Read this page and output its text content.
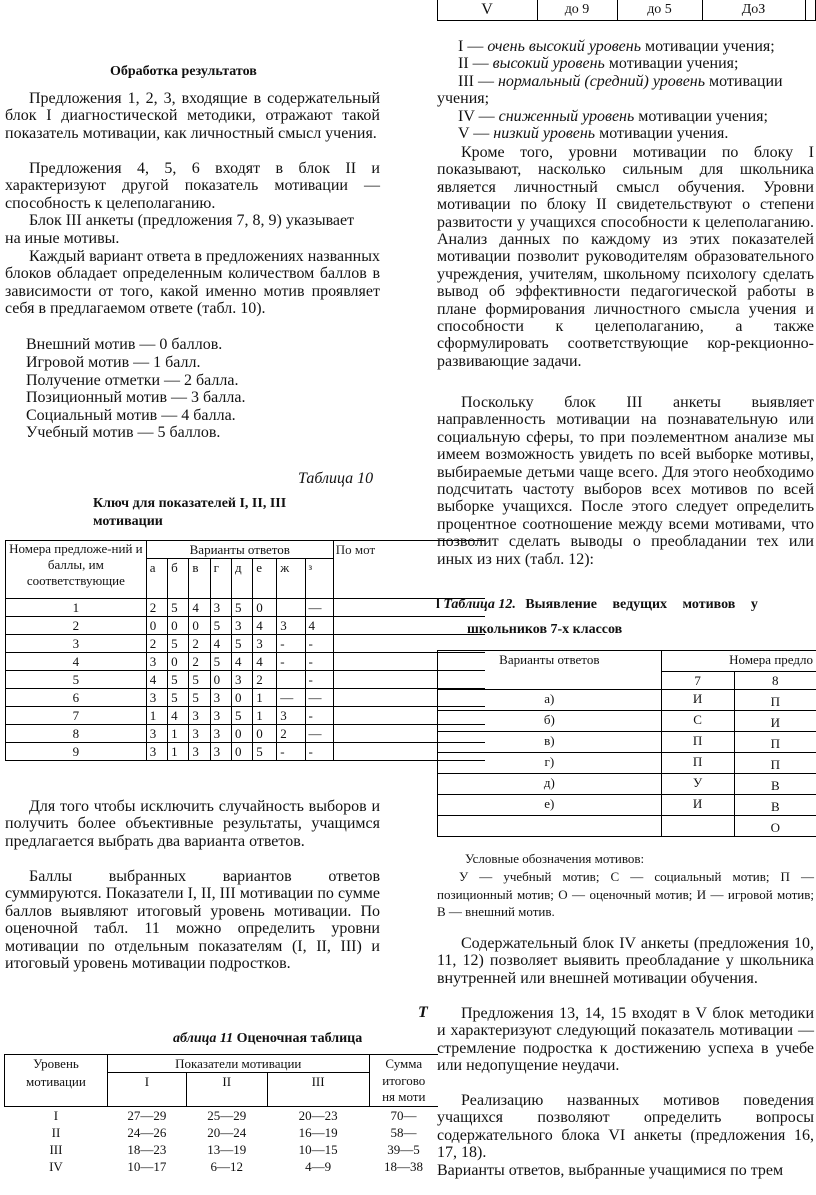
V	до 9	до 5	ДоЗ
Обработка результатов
Предложения 1, 2, 3, входящие в содержательный блок I диагностической методики, отражают такой показатель мотивации, как личностный смысл учения.
Предложения 4, 5, 6 входят в блок II и характеризуют другой показатель мотивации — способность к целеполаганию.
Блок III анкеты (предложения 7, 8, 9) указывает
на иные мотивы.
Каждый вариант ответа в предложениях названных блоков обладает определенным количеством баллов в зависимости от того, какой именно мотив проявляет себя в предлагаемом ответе (табл. 10).
Внешний мотив — 0 баллов.
Игровой мотив — 1 балл.
Получение отметки — 2 балла.
Позиционный мотив — 3 балла.
Социальный мотив — 4 балла.
Учебный мотив — 5 баллов.
Таблица 10
Ключ для показателей I, II, III
мотивации
Номера предложе-ний и баллы, им соответствующие	Варианты ответов								По мот
	а	б	в	г	д	е	ж	$^з$
1	2	5	4	3	5	0		—	
2	0	0	0	5	3	4	3	4	
3	2	5	2	4	5	3	-	-	
4	3	0	2	5	4	4	-	-	
5	4	5	5	0	3	2		-	
6	3	5	5	3	0	1	—	—	
7	1	4	3	3	5	1	3	-	
8	3	1	3	3	0	0	2	—	
9	3	1	3	3	0	5	-	-	
Для того чтобы исключить случайность выборов и получить более объективные результаты, учащимся предлагается выбрать два варианта ответов.
Баллы выбранных вариантов ответов суммируются. Показатели I, II, III мотивации по сумме баллов выявляют итоговый уровень мотивации. По оценочной табл. 11 можно определить уровни мотивации по отдельным показателям (I, II, III) и итоговый уровень мотивации подростков.
Т
аблица 11 Оценочная таблица
Уровень	Показатели мотивации			Сумма
мотивации	I	II	III	итогово
ня моти
I	27—29	25—29	20—23	70—
II	24—26	20—24	16—19	58—
III	18—23	13—19	10—15	39—5
IV	10—17	6—12	4—9	18—38
I — очень высокий уровень мотивации учения;
II — высокий уровень мотивации учения;
III — нормальный (средний) уровень мотивации
учения;
IV — сниженный уровень мотивации учения;
V — низкий уровень мотивации учения.
Кроме того, уровни мотивации по блоку I показывают, насколько сильным для школьника является личностный смысл обучения. Уровни мотивации по блоку II свидетельствуют о степени развитости у учащихся способности к целеполаганию. Анализ данных по каждому из этих показателей мотивации позволит руководителям образовательного учреждения, учителям, школьному психологу сделать вывод об эффективности педагогической работы в плане формирования личностного смысла учения и способности к целеполаганию, а также сформулировать соответствующие кор-рекционно-развивающие задачи.
Поскольку блок III анкеты выявляет направленность мотивации на познавательную или социальную сферы, то при поэлементном анализе мы имеем возможность увидеть по всей выборке мотивы, выбираемые детьми чаще всего. Для этого необходимо подсчитать частоту выборов всех мотивов по всей выборке учащихся. После этого следует определить процентное соотношение между всеми мотивами, что позволит сделать выводы о преобладании тех или иных из них (табл. 12):
l Таблица 12. Выявление ведущих мотивов у
школьников 7-х классов
Варианты ответов	Номера предло	
	7	8
а)	И	П
б)	С	И
в)	П	П
г)	П	П
д)	У	В
е)	И	В
		О
Условные обозначения мотивов:
У — учебный мотив; С — социальный мотив; П — позиционный мотив; О — оценочный мотив; И — игровой мотив; В — внешний мотив.
Содержательный блок IV анкеты (предложения 10, 11, 12) позволяет выявить преобладание у школьника внутренней или внешней мотивации обучения.
Предложения 13, 14, 15 входят в V блок методики и характеризуют следующий показатель мотивации — стремление подростка к достижению успеха в учебе или недопущение неудачи.
Реализацию названных мотивов поведения учащихся позволяют определить вопросы содержательного блока VI анкеты (предложения 16, 17, 18).
Варианты ответов, выбранные учащимися по трем
